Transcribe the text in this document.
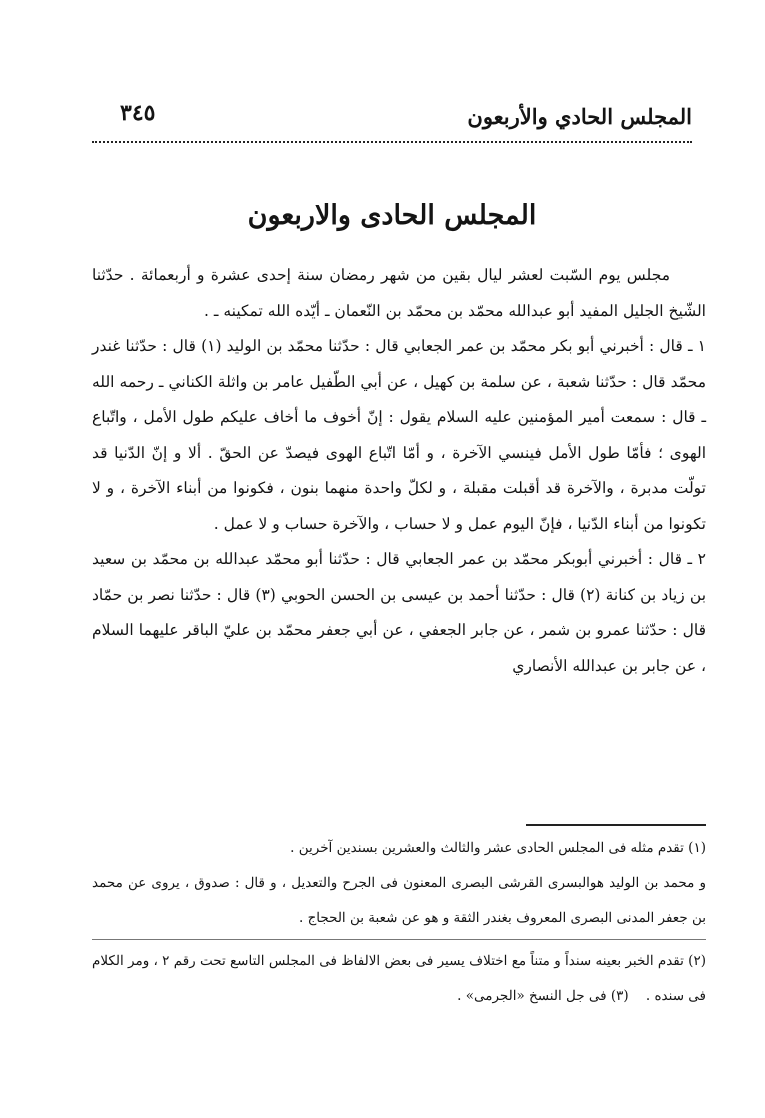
المجلس الحادي والأربعون
٣٤٥
المجلس الحادى والاربعون

مجلس يوم السّبت لعشر ليال بقين من شهر رمضان سنة إحدى عشرة و أربعمائة . حدّثنا الشّيخ الجليل المفيد أبو عبدالله محمّد بن محمّد بن النّعمان ـ أيّده الله تمكينه ـ .

١ ـ قال : أخبرني أبو بكر محمّد بن عمر الجعابي قال : حدّثنا محمّد بن الوليد (١) قال : حدّثنا غندر محمّد قال : حدّثنا شعبة ، عن سلمة بن كهيل ، عن أبي الطّفيل عامر بن واثلة الكناني ـ رحمه الله ـ قال : سمعت أمير المؤمنين عليه السلام يقول : إنّ أخوف ما أخاف عليكم طول الأمل ، واتّباع الهوى ؛ فأمّا طول الأمل فينسي الآخرة ، و أمّا اتّباع الهوى فيصدّ عن الحقّ . ألا و إنّ الدّنيا قد تولّت مدبرة ، والآخرة قد أقبلت مقبلة ، و لكلّ واحدة منهما بنون ، فكونوا من أبناء الآخرة ، و لا تكونوا من أبناء الدّنيا ، فإنّ اليوم عمل و لا حساب ، والآخرة حساب و لا عمل .

٢ ـ قال : أخبرني أبوبكر محمّد بن عمر الجعابي قال : حدّثنا أبو محمّد عبدالله بن محمّد بن سعيد بن زياد بن كنانة (٢) قال : حدّثنا أحمد بن عيسى بن الحسن الحوبي (٣) قال : حدّثنا نصر بن حمّاد قال : حدّثنا عمرو بن شمر ، عن جابر الجعفي ، عن أبي جعفر محمّد بن عليّ الباقر عليهما السلام ، عن جابر بن عبدالله الأنصاري

(١) تقدم مثله فى المجلس الحادى عشر والثالث والعشرين بسندين آخرين .

و محمد بن الوليد هوالبسرى القرشى البصرى المعنون فى الجرح والتعديل ، و قال : صدوق ، يروى عن محمد بن جعفر المدنى البصرى المعروف بغندر الثقة و هو عن شعبة بن الحجاج .

(٢) تقدم الخبر بعينه سنداً و متناً مع اختلاف يسير فى بعض الالفاظ فى المجلس التاسع تحت رقم ٢ ، ومر الكلام فى سنده .    (٣) فى جل النسخ «الجرمى» .
